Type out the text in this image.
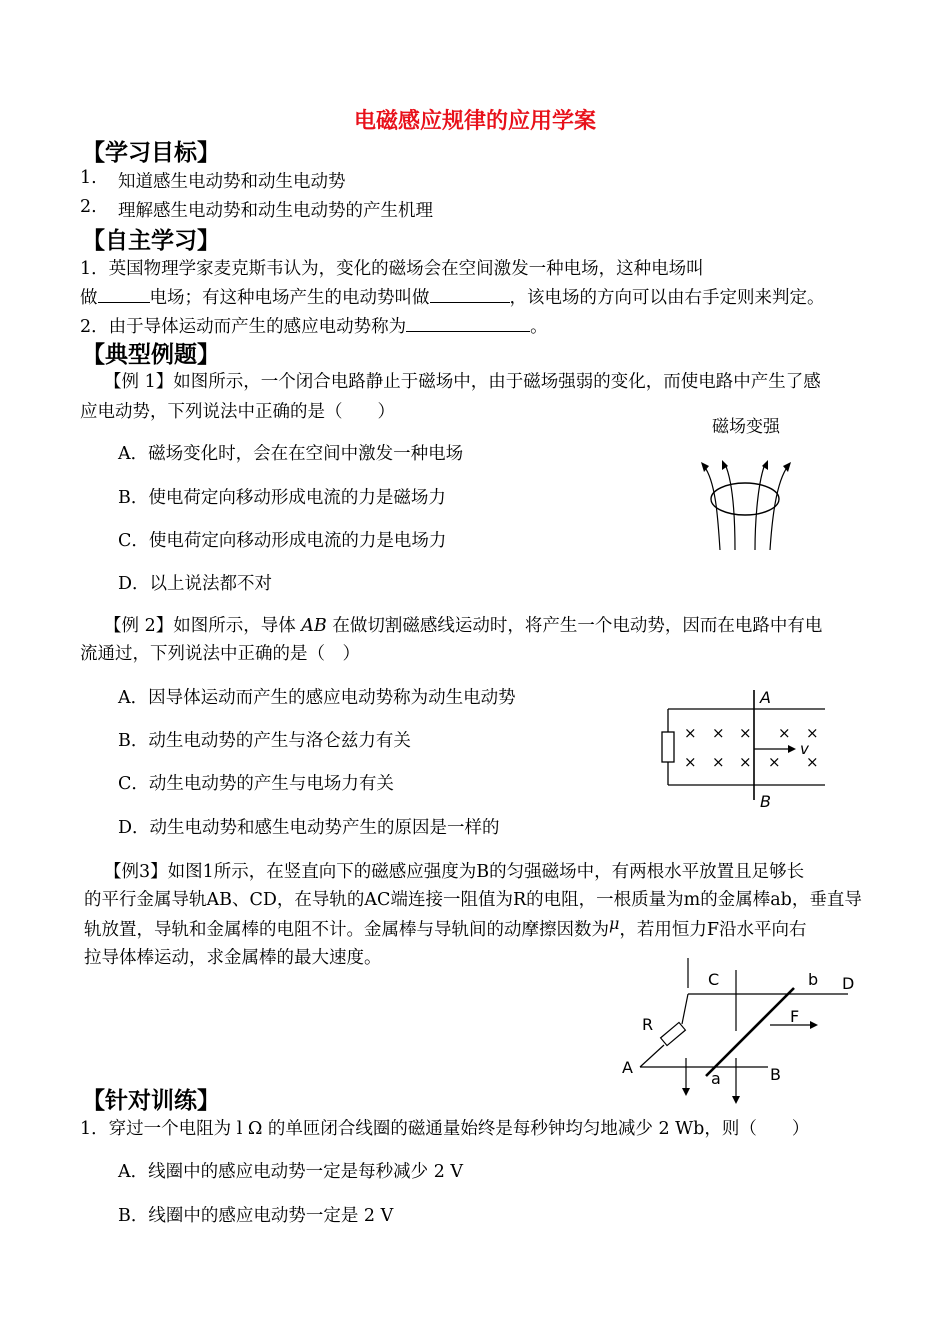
电磁感应规律的应用学案
【学习目标】
1. 知道感生电动势和动生电动势
2. 理解感生电动势和动生电动势的产生机理
【自主学习】
1．英国物理学家麦克斯韦认为，变化的磁场会在空间激发一种电场，这种电场叫
做	电场；有这种电场产生的电动势叫做	，该电场的方向可以由右手定则来判定。
2．由于导体运动而产生的感应电动势称为	。
【典型例题】
【例 1】如图所示，一个闭合电路静止于磁场中，由于磁场强弱的变化，而使电路中产生了感
应电动势，下列说法中正确的是（　　）
A．磁场变化时，会在在空间中激发一种电场
B．使电荷定向移动形成电流的力是磁场力
C．使电荷定向移动形成电流的力是电场力
D．以上说法都不对
磁场变强
【例 2】如图所示，导体 AB 在做切割磁感线运动时，将产生一个电动势，因而在电路中有电
流通过，下列说法中正确的是（　）
A．因导体运动而产生的感应电动势称为动生电动势
B．动生电动势的产生与洛仑兹力有关
C．动生电动势的产生与电场力有关
D．动生电动势和感生电动势产生的原因是一样的
A
B
× × × × ×
× × × × ×
v
【例3】如图1所示，在竖直向下的磁感应强度为B的匀强磁场中，有两根水平放置且足够长
的平行金属导轨AB、CD，在导轨的AC端连接一阻值为R的电阻，一根质量为m的金属棒ab，垂直导
轨放置，导轨和金属棒的电阻不计。金属棒与导轨间的动摩擦因数为μ，若用恒力F沿水平向右
拉导体棒运动，求金属棒的最大速度。
C	b D
R	F
A
a	B
【针对训练】
1．穿过一个电阻为 l Ω 的单匝闭合线圈的磁通量始终是每秒钟均匀地减少 2 Wb，则（　　）
A．线圈中的感应电动势一定是每秒减少 2 V
B．线圈中的感应电动势一定是 2 V
